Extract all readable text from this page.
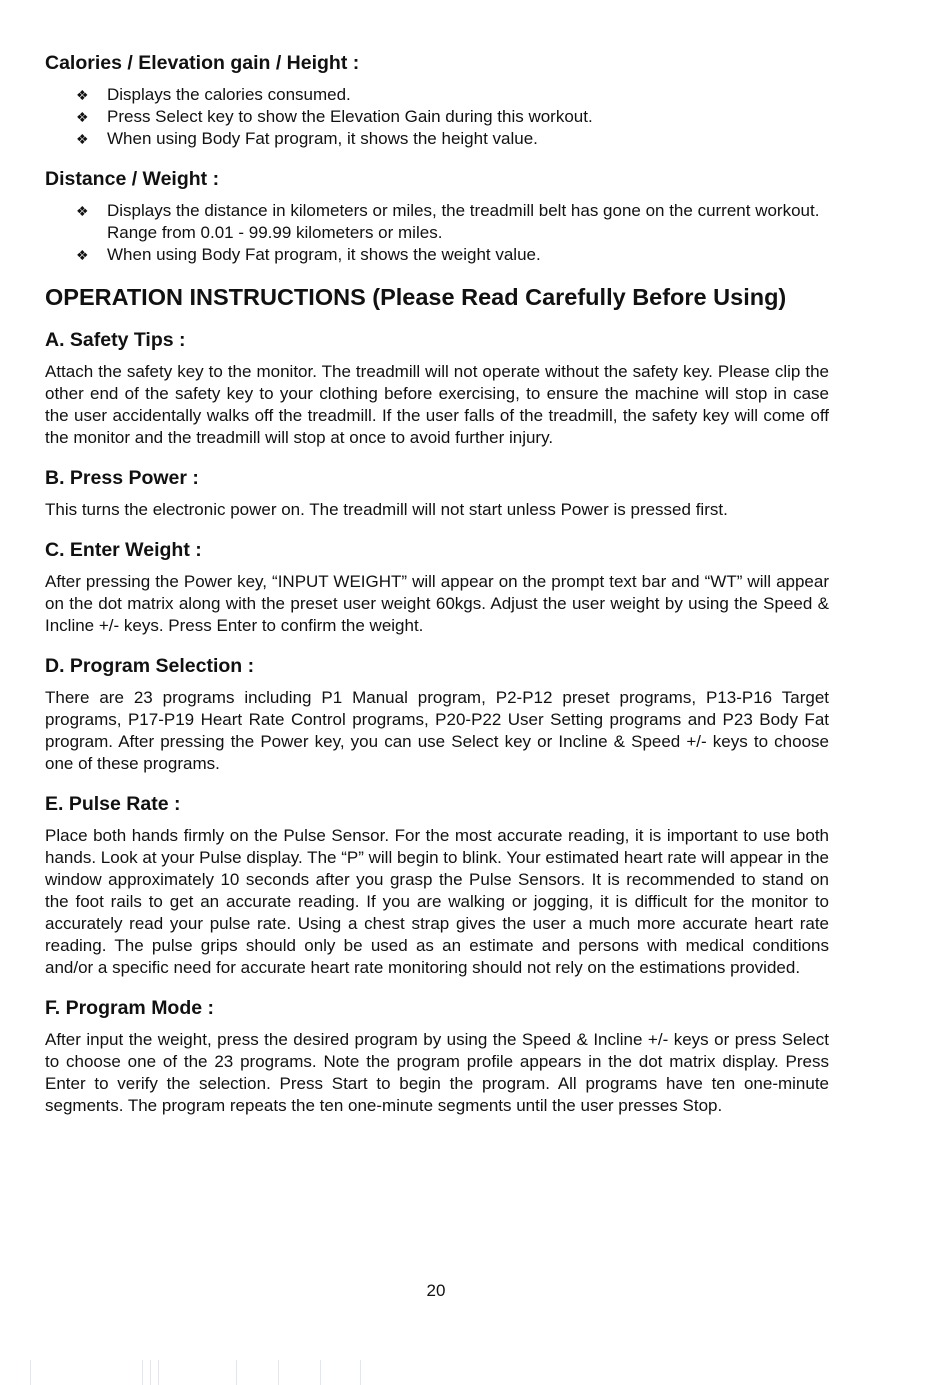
Calories / Elevation gain / Height :
❖ Displays the calories consumed.
❖ Press Select key to show the Elevation Gain during this workout.
❖ When using Body Fat program, it shows the height value.
Distance / Weight :
❖ Displays the distance in kilometers or miles, the treadmill belt has gone on the current workout. Range from 0.01 - 99.99 kilometers or miles.
❖ When using Body Fat program, it shows the weight value.
OPERATION INSTRUCTIONS (Please Read Carefully Before Using)
A. Safety Tips :

Attach the safety key to the monitor. The treadmill will not operate without the safety key. Please clip the other end of the safety key to your clothing before exercising, to ensure the machine will stop in case the user accidentally walks off the treadmill. If the user falls of the treadmill, the safety key will come off the monitor and the treadmill will stop at once to avoid further injury.

B. Press Power :

This turns the electronic power on. The treadmill will not start unless Power is pressed first.

C. Enter Weight :

After pressing the Power key, “INPUT WEIGHT” will appear on the prompt text bar and “WT” will appear on the dot matrix along with the preset user weight 60kgs. Adjust the user weight by using the Speed & Incline +/- keys. Press Enter to confirm the weight.

D. Program Selection :

There are 23 programs including P1 Manual program, P2-P12 preset programs, P13-P16 Target programs, P17-P19 Heart Rate Control programs, P20-P22 User Setting programs and P23 Body Fat program. After pressing the Power key, you can use Select key or Incline & Speed +/- keys to choose one of these programs.

E. Pulse Rate :

Place both hands firmly on the Pulse Sensor. For the most accurate reading, it is important to use both hands. Look at your Pulse display. The “P” will begin to blink. Your estimated heart rate will appear in the window approximately 10 seconds after you grasp the Pulse Sensors. It is recommended to stand on the foot rails to get an accurate reading. If you are walking or jogging, it is difficult for the monitor to accurately read your pulse rate. Using a chest strap gives the user a much more accurate heart rate reading. The pulse grips should only be used as an estimate and persons with medical conditions and/or a specific need for accurate heart rate monitoring should not rely on the estimations provided.

F. Program Mode :

After input the weight, press the desired program by using the Speed & Incline +/- keys or press Select to choose one of the 23 programs. Note the program profile appears in the dot matrix display. Press Enter to verify the selection. Press Start to begin the program. All programs have ten one-minute segments. The program repeats the ten one-minute segments until the user presses Stop.

20
